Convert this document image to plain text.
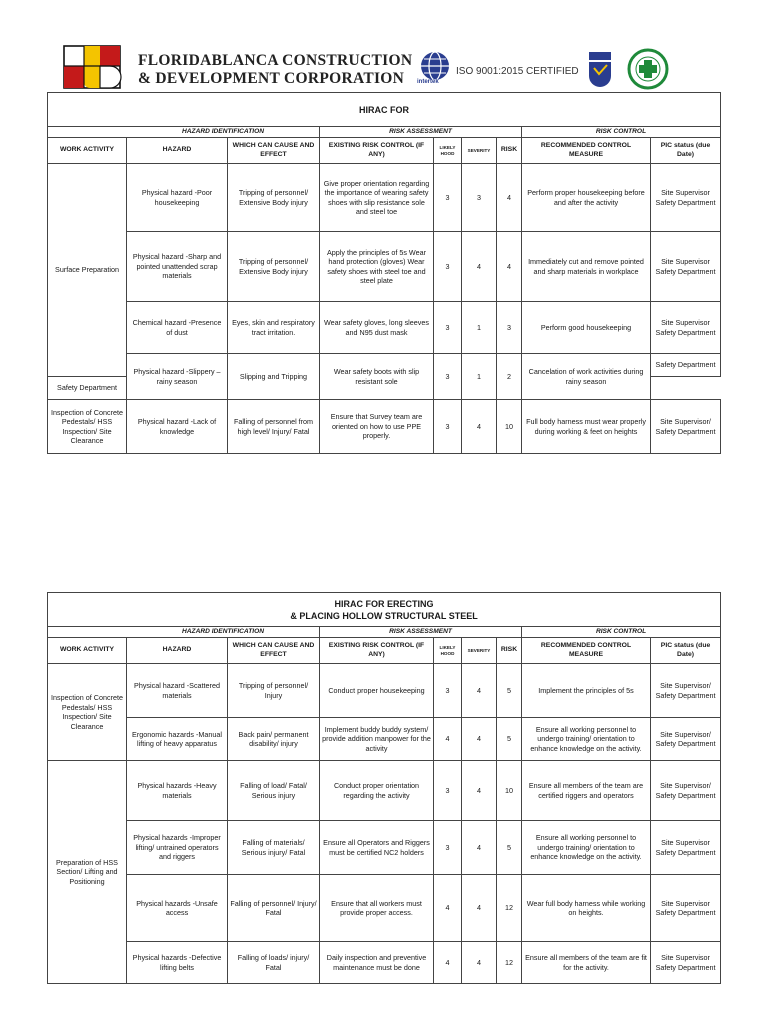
FLORIDABLANCA CONSTRUCTION
& DEVELOPMENT CORPORATION	intertek
ISO 9001:2015 CERTIFIED
HIRAC FOR								
	HAZARD IDENTIFICATION		RISK ASSESSMENT				RISK CONTROL	
WORK ACTIVITY	HAZARD	WHICH CAN CAUSE AND EFFECT	EXISTING RISK CONTROL (IF ANY)	LIKELY HOOD	SEVERITY	RISK	RECOMMENDED CONTROL MEASURE	PIC status (due Date)
Surface Preparation	Physical hazard -Poor housekeeping	Tripping of personnel/ Extensive Body injury	Give proper orientation regarding the importance of wearing safety shoes with slip resistance sole and steel toe	3	3	4	Perform proper housekeeping before and after the activity	Site Supervisor Safety Department
	Physical hazard -Sharp and pointed unattended scrap materials	Tripping of personnel/ Extensive Body injury	Apply the principles of 5s Wear hand protection (gloves) Wear safety shoes with steel toe and steel plate	3	4	4	Immediately cut and remove pointed and sharp materials in workplace	Site Supervisor Safety Department
	Chemical hazard -Presence of dust	Eyes, skin and respiratory tract irritation.	Wear safety gloves, long sleeves and N95 dust mask	3	1	3	Perform good housekeeping	Site Supervisor Safety Department
	Physical hazard -Slippery –rainy season	Slipping and Tripping	Wear safety boots with slip resistant sole	3	1	2	Cancelation of work activities during rainy season	Safety Department
Safety Department								
Inspection of Concrete Pedestals/ HSS Inspection/ Site Clearance	Physical hazard -Lack of knowledge	Falling of personnel from high level/ Injury/ Fatal	Ensure that Survey team are oriented on how to use PPE properly.	3	4	10	Full body harness must wear properly during working & feet on heights	Site Supervisor/ Safety Department
HIRAC FOR ERECTING
& PLACING HOLLOW STRUCTURAL STEEL								

	HAZARD IDENTIFICATION		RISK ASSESSMENT				RISK CONTROL	
WORK ACTIVITY	HAZARD	WHICH CAN CAUSE AND EFFECT	EXISTING RISK CONTROL (IF ANY)	LIKELY HOOD	SEVERITY	RISK	RECOMMENDED CONTROL MEASURE	PIC status (due Date)
Inspection of Concrete Pedestals/ HSS Inspection/ Site Clearance	Physical hazard -Scattered materials	Tripping of personnel/ Injury	Conduct proper housekeeping	3	4	5	Implement the principles of 5s	Site Supervisor/ Safety Department
	Ergonomic hazards -Manual lifting of heavy apparatus	Back pain/ permanent disability/ injury	Implement buddy buddy system/ provide addition manpower for the activity	4	4	5	Ensure all working personnel to undergo training/ orientation to enhance knowledge on the activity.	Site Supervisor/ Safety Department
Preparation of HSS Section/ Lifting and Positioning	Physical hazards -Heavy materials	Falling of load/ Fatal/ Serious injury	Conduct proper orientation regarding the activity	3	4	10	Ensure all members of the team are certified riggers and operators	Site Supervisor/ Safety Department
	Physical hazards -Improper lifting/ untrained operators and riggers	Falling of materials/ Serious injury/ Fatal	Ensure all Operators and Riggers must be certified NC2 holders	3	4	5	Ensure all working personnel to undergo training/ orientation to enhance knowledge on the activity.	Site Supervisor Safety Department
	Physical hazards -Unsafe access	Falling of personnel/ Injury/ Fatal	Ensure that all workers must provide proper access.	4	4	12	Wear full body harness while working on heights.	Site Supervisor Safety Department
	Physical hazards -Defective lifting belts	Falling of loads/ injury/ Fatal	Daily inspection and preventive maintenance must be done	4	4	12	Ensure all members of the team are fit for the activity.	Site Supervisor Safety Department
